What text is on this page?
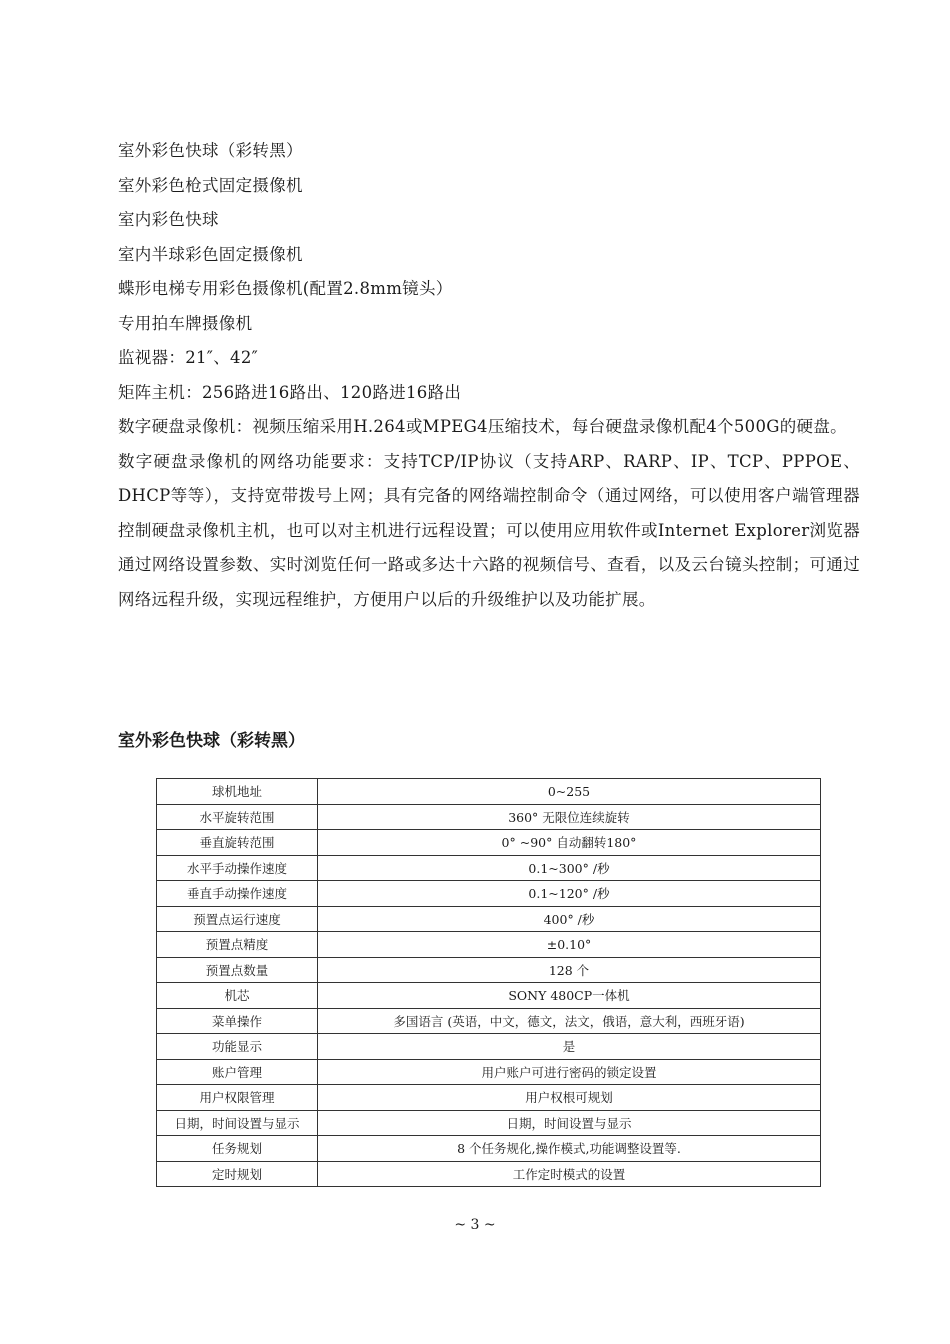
室外彩色快球（彩转黑）

室外彩色枪式固定摄像机

室内彩色快球

室内半球彩色固定摄像机

蝶形电梯专用彩色摄像机(配置2.8mm镜头）

专用拍车牌摄像机

监视器：21″、42″

矩阵主机：256路进16路出、120路进16路出

数字硬盘录像机：视频压缩采用H.264或MPEG4压缩技术，每台硬盘录像机配4个500G的硬盘。

数字硬盘录像机的网络功能要求：支持TCP/IP协议（支持ARP、RARP、IP、TCP、PPPOE、DHCP等等），支持宽带拨号上网；具有完备的网络端控制命令（通过网络，可以使用客户端管理器控制硬盘录像机主机，也可以对主机进行远程设置；可以使用应用软件或Internet Explorer浏览器通过网络设置参数、实时浏览任何一路或多达十六路的视频信号、查看，以及云台镜头控制；可通过网络远程升级，实现远程维护，方便用户以后的升级维护以及功能扩展。

室外彩色快球（彩转黑）
球机地址	0~255
水平旋转范围	360° 无限位连续旋转
垂直旋转范围	0° ~90° 自动翻转180°
水平手动操作速度	0.1~300° /秒
垂直手动操作速度	0.1~120° /秒
预置点运行速度	400° /秒
预置点精度	±0.10°
预置点数量	128 个
机芯	SONY 480CP一体机
菜单操作	多国语言 (英语，中文，德文，法文，俄语，意大利，西班牙语)
功能显示	是
账户管理	用户账户可进行密码的锁定设置
用户权限管理	用户权根可规划
日期，时间设置与显示	日期，时间设置与显示
任务规划	8 个任务规化,操作模式,功能调整设置等.
定时规划	工作定时模式的设置
~ 3 ~
